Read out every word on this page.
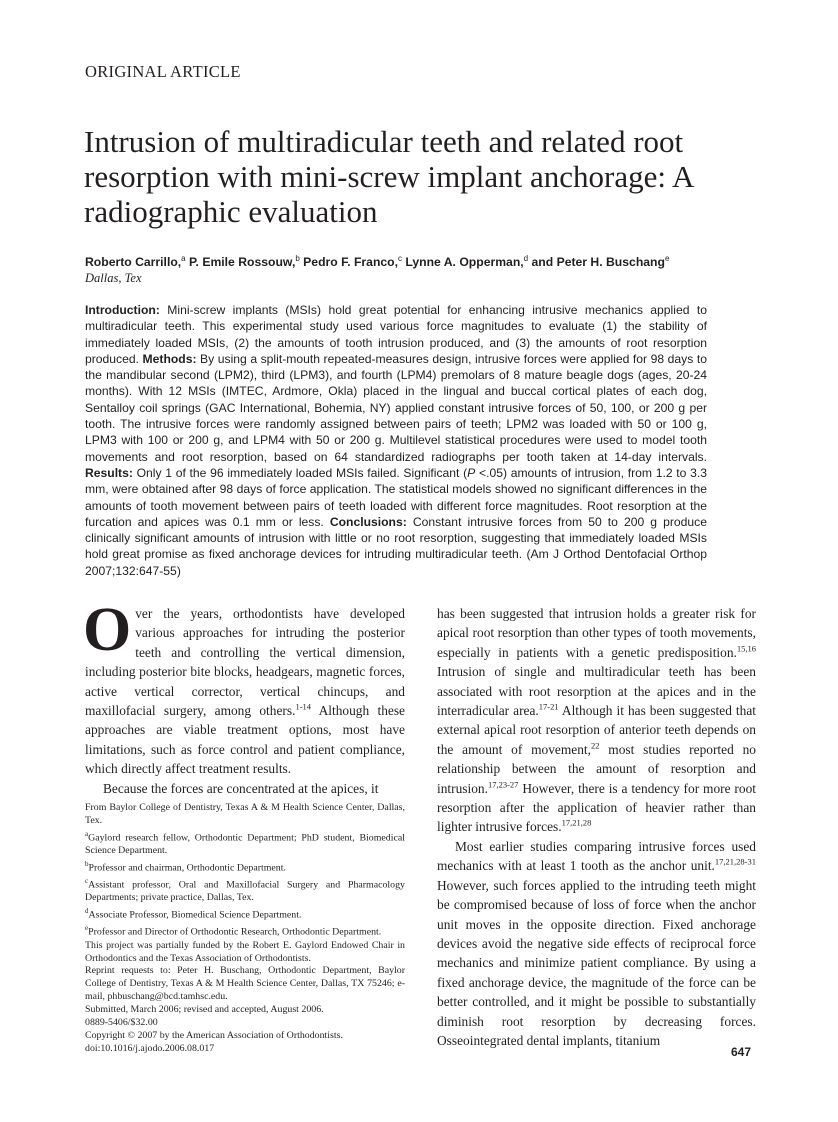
ORIGINAL ARTICLE
Intrusion of multiradicular teeth and related root resorption with mini-screw implant anchorage: A radiographic evaluation
Roberto Carrillo,$^a$ P. Emile Rossouw,$^b$ Pedro F. Franco,$^c$ Lynne A. Opperman,$^d$ and Peter H. Buschang$^e$
Dallas, Tex
Introduction: Mini-screw implants (MSIs) hold great potential for enhancing intrusive mechanics applied to multiradicular teeth. This experimental study used various force magnitudes to evaluate (1) the stability of immediately loaded MSIs, (2) the amounts of tooth intrusion produced, and (3) the amounts of root resorption produced. Methods: By using a split-mouth repeated-measures design, intrusive forces were applied for 98 days to the mandibular second (LPM2), third (LPM3), and fourth (LPM4) premolars of 8 mature beagle dogs (ages, 20-24 months). With 12 MSIs (IMTEC, Ardmore, Okla) placed in the lingual and buccal cortical plates of each dog, Sentalloy coil springs (GAC International, Bohemia, NY) applied constant intrusive forces of 50, 100, or 200 g per tooth. The intrusive forces were randomly assigned between pairs of teeth; LPM2 was loaded with 50 or 100 g, LPM3 with 100 or 200 g, and LPM4 with 50 or 200 g. Multilevel statistical procedures were used to model tooth movements and root resorption, based on 64 standardized radiographs per tooth taken at 14-day intervals. Results: Only 1 of the 96 immediately loaded MSIs failed. Significant (P <.05) amounts of intrusion, from 1.2 to 3.3 mm, were obtained after 98 days of force application. The statistical models showed no significant differences in the amounts of tooth movement between pairs of teeth loaded with different force magnitudes. Root resorption at the furcation and apices was 0.1 mm or less. Conclusions: Constant intrusive forces from 50 to 200 g produce clinically significant amounts of intrusion with little or no root resorption, suggesting that immediately loaded MSIs hold great promise as fixed anchorage devices for intruding multiradicular teeth. (Am J Orthod Dentofacial Orthop 2007;132:647-55)

Over the years, orthodontists have developed various approaches for intruding the posterior teeth and controlling the vertical dimension, including posterior bite blocks, headgears, magnetic forces, active vertical corrector, vertical chincups, and maxillofacial surgery, among others.$^{1-14}$ Although these approaches are viable treatment options, most have limitations, such as force control and patient compliance, which directly affect treatment results.

Because the forces are concentrated at the apices, it

has been suggested that intrusion holds a greater risk for apical root resorption than other types of tooth movements, especially in patients with a genetic predisposition.$^{15,16}$ Intrusion of single and multiradicular teeth has been associated with root resorption at the apices and in the interradicular area.$^{17-21}$ Although it has been suggested that external apical root resorption of anterior teeth depends on the amount of movement,$^{22}$ most studies reported no relationship between the amount of resorption and intrusion.$^{17,23-27}$ However, there is a tendency for more root resorption after the application of heavier rather than lighter intrusive forces.$^{17,21,28}$

Most earlier studies comparing intrusive forces used mechanics with at least 1 tooth as the anchor unit.$^{17,21,28-31}$ However, such forces applied to the intruding teeth might be compromised because of loss of force when the anchor unit moves in the opposite direction. Fixed anchorage devices avoid the negative side effects of reciprocal force mechanics and minimize patient compliance. By using a fixed anchorage device, the magnitude of the force can be better controlled, and it might be possible to substantially diminish root resorption by decreasing forces. Osseointegrated dental implants, titanium

From Baylor College of Dentistry, Texas A & M Health Science Center, Dallas, Tex.
$^a$Gaylord research fellow, Orthodontic Department; PhD student, Biomedical Science Department.
$^b$Professor and chairman, Orthodontic Department.
$^c$Assistant professor, Oral and Maxillofacial Surgery and Pharmacology Departments; private practice, Dallas, Tex.
$^d$Associate Professor, Biomedical Science Department.
$^e$Professor and Director of Orthodontic Research, Orthodontic Department.
This project was partially funded by the Robert E. Gaylord Endowed Chair in Orthodontics and the Texas Association of Orthodontists.
Reprint requests to: Peter H. Buschang, Orthodontic Department, Baylor College of Dentistry, Texas A & M Health Science Center, Dallas, TX 75246; e-mail, phbuschang@bcd.tamhsc.edu.
Submitted, March 2006; revised and accepted, August 2006.
0889-5406/$32.00
Copyright © 2007 by the American Association of Orthodontists.
doi:10.1016/j.ajodo.2006.08.017	647
